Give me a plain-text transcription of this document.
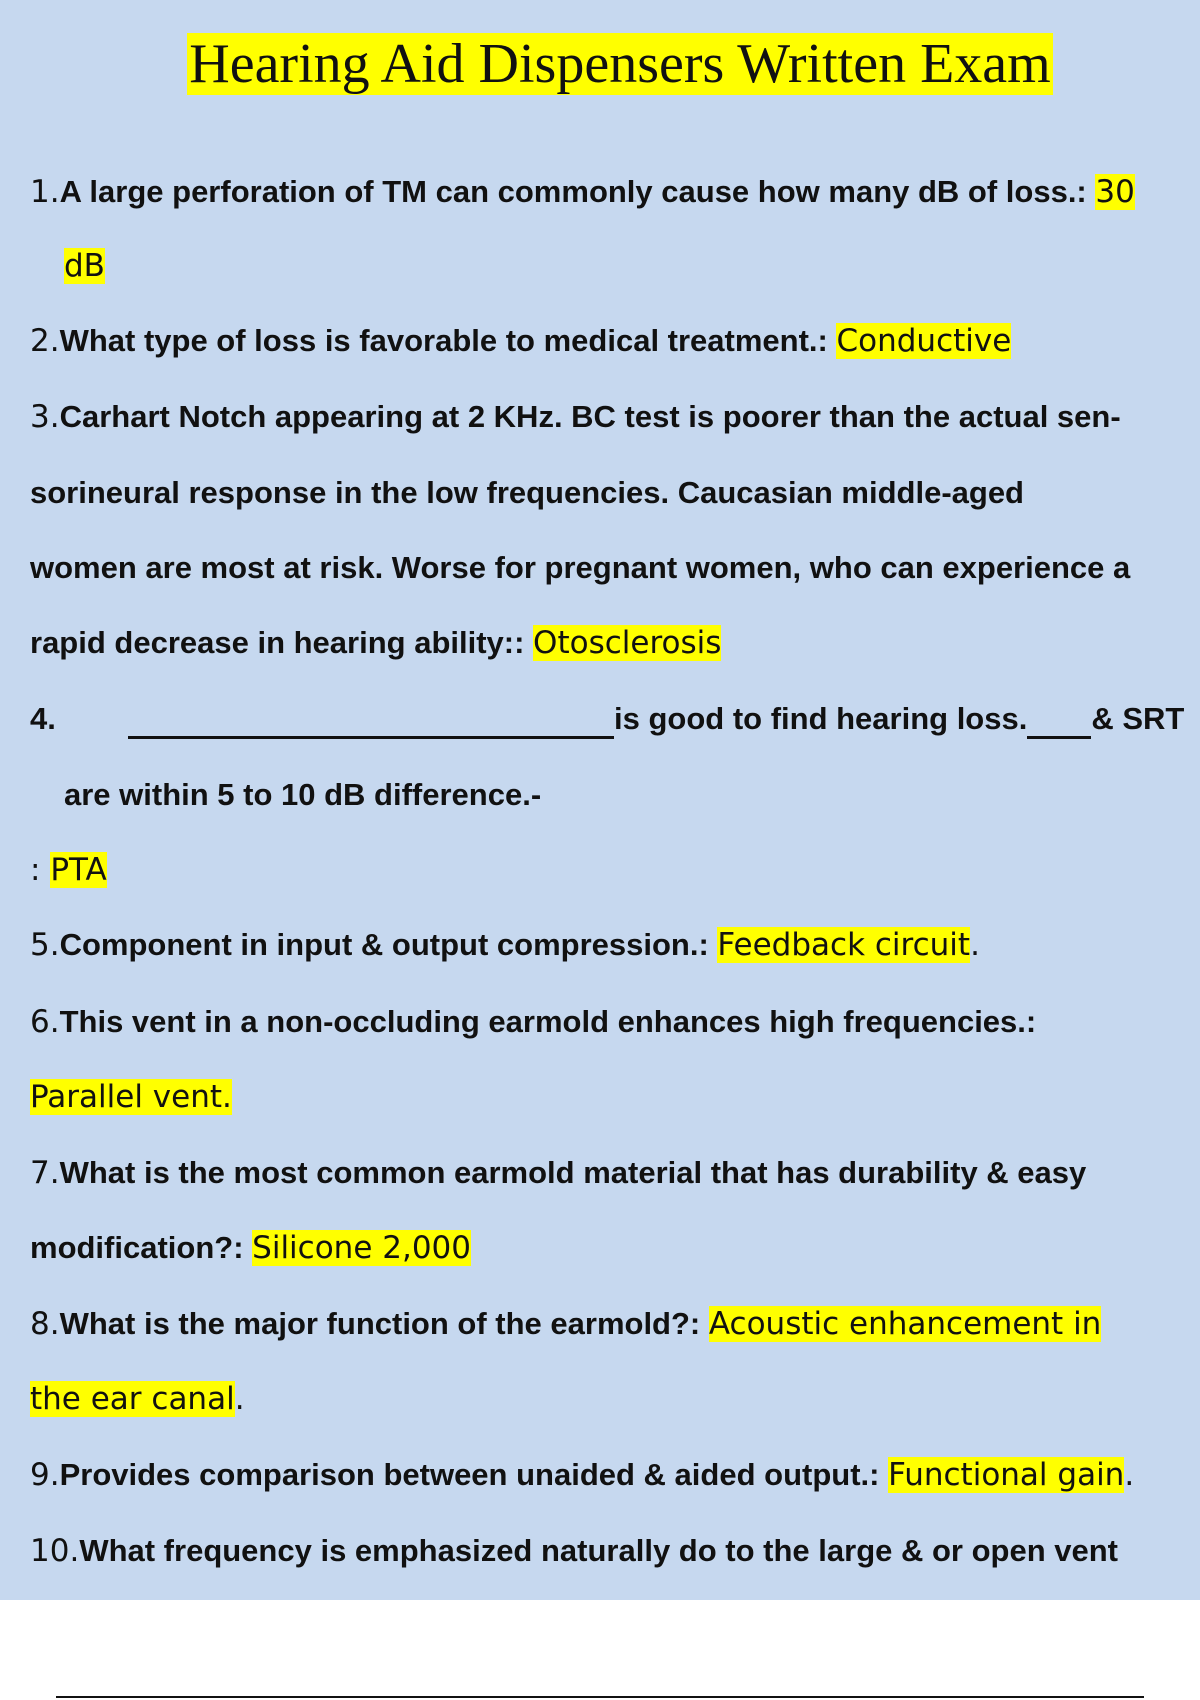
Hearing Aid Dispensers Written Exam
1.A large perforation of TM can commonly cause how many dB of loss.: 30
dB
2.What type of loss is favorable to medical treatment.: Conductive
3.Carhart Notch appearing at 2 KHz. BC test is poorer than the actual sen-
sorineural response in the low frequencies. Caucasian middle-aged
women are most at risk. Worse for pregnant women, who can experience a
rapid decrease in hearing ability:: Otosclerosis
4.	is good to find hearing loss. & SRT
are within 5 to 10 dB difference.-
: PTA
5.Component in input & output compression.: Feedback circuit.
6.This vent in a non-occluding earmold enhances high frequencies.:
Parallel vent.
7.What is the most common earmold material that has durability & easy
modification?: Silicone 2,000
8.What is the major function of the earmold?: Acoustic enhancement in
the ear canal.
9.Provides comparison between unaided & aided output.: Functional gain.
10.What frequency is emphasized naturally do to the large & or open vent
